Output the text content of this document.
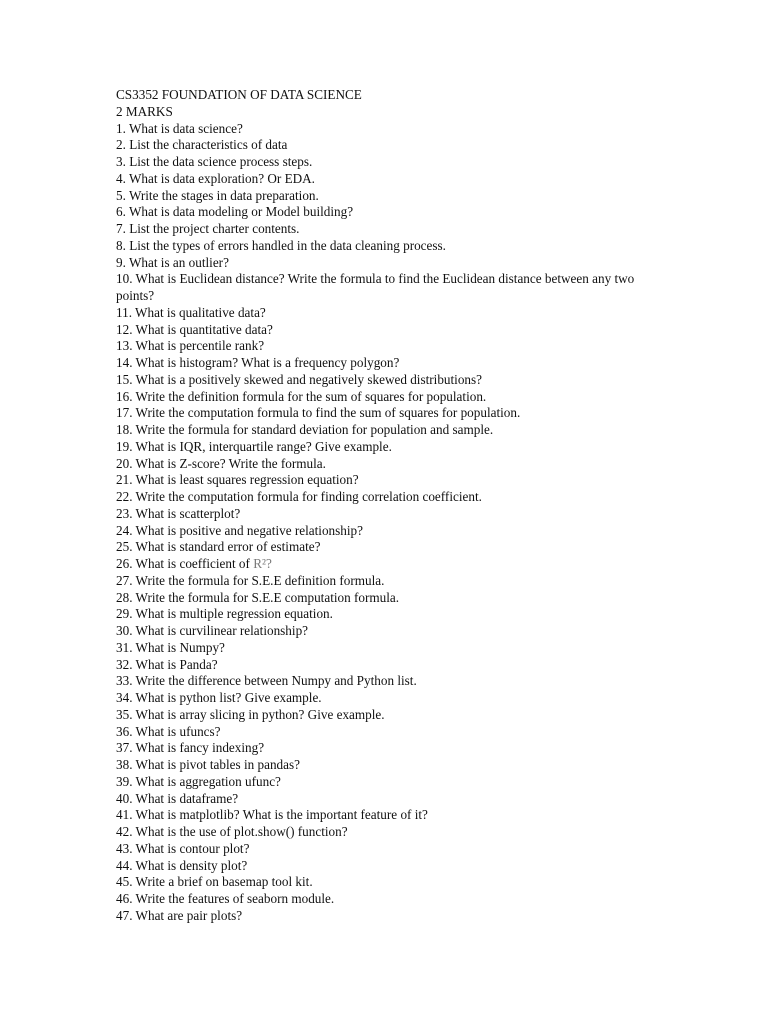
CS3352 FOUNDATION OF DATA SCIENCE
2 MARKS
1. What is data science?
2. List the characteristics of data
3. List the data science process steps.
4. What is data exploration? Or EDA.
5. Write the stages in data preparation.
6. What is data modeling or Model building?
7. List the project charter contents.
8. List the types of errors handled in the data cleaning process.
9. What is an outlier?
10. What is Euclidean distance? Write the formula to find the Euclidean distance between any two points?
11. What is qualitative data?
12. What is quantitative data?
13. What is percentile rank?
14. What is histogram? What is a frequency polygon?
15. What is a positively skewed and negatively skewed distributions?
16. Write the definition formula for the sum of squares for population.
17. Write the computation formula to find the sum of squares for population.
18. Write the formula for standard deviation for population and sample.
19. What is IQR, interquartile range? Give example.
20. What is Z-score? Write the formula.
21. What is least squares regression equation?
22. Write the computation formula for finding correlation coefficient.
23. What is scatterplot?
24. What is positive and negative relationship?
25. What is standard error of estimate?
26. What is coefficient of R²?
27. Write the formula for S.E.E definition formula.
28. Write the formula for S.E.E computation formula.
29. What is multiple regression equation.
30. What is curvilinear relationship?
31. What is Numpy?
32. What is Panda?
33. Write the difference between Numpy and Python list.
34. What is python list? Give example.
35. What is array slicing in python? Give example.
36. What is ufuncs?
37. What is fancy indexing?
38. What is pivot tables in pandas?
39. What is aggregation ufunc?
40. What is dataframe?
41. What is matplotlib? What is the important feature of it?
42. What is the use of plot.show() function?
43. What is contour plot?
44. What is density plot?
45. Write a brief on basemap tool kit.
46. Write the features of seaborn module.
47. What are pair plots?
